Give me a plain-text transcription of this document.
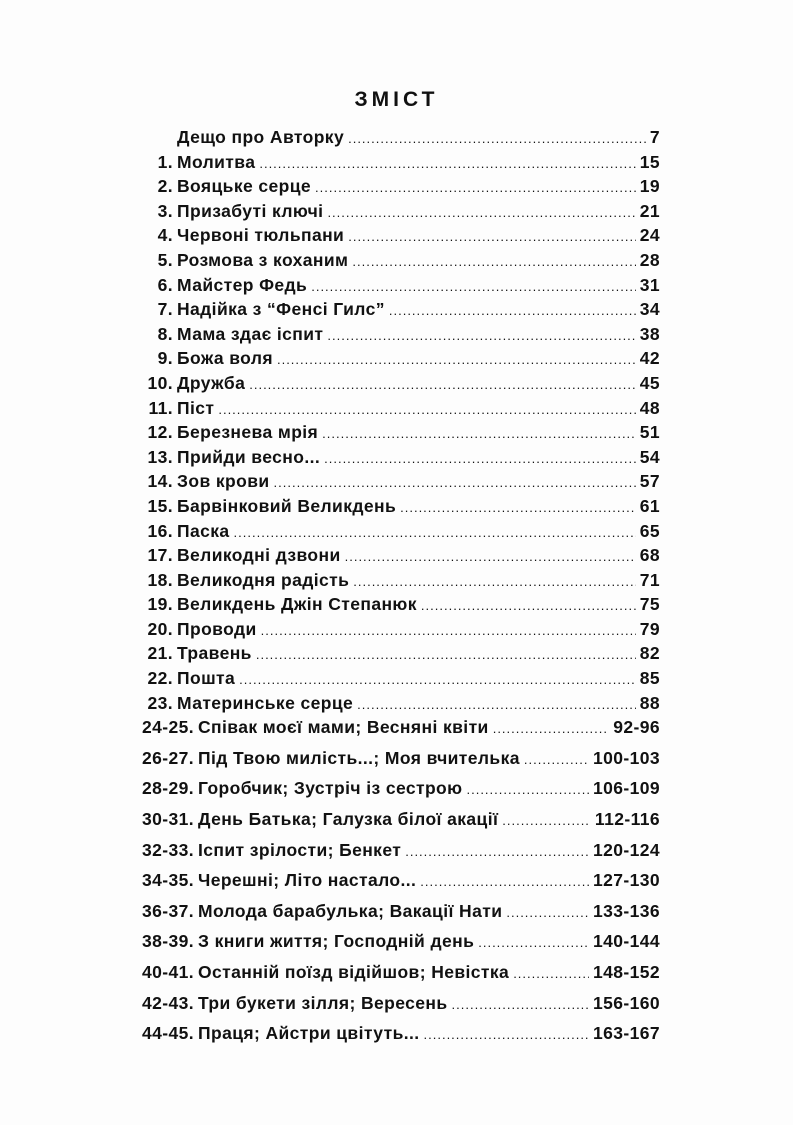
ЗМІСТ
Дещо про Авторку .....	7
1. Молитва .....	15
2. Вояцьке серце .....	19
3. Призабуті ключі .....	21
4. Червоні тюльпани .....	24
5. Розмова з коханим .....	28
6. Майстер Федь .....	31
7. Надійка з “Фенсі Гилс” .....	34
8. Мама здає іспит .....	38
9. Божа воля .....	42
10. Дружба .....	45
11. Піст .....	48
12. Березнева мрія .....	51
13. Прийди весно... .....	54
14. Зов крови .....	57
15. Барвінковий Великдень .....	61
16. Паска .....	65
17. Великодні дзвони .....	68
18. Великодня радість .....	71
19. Великдень Джін Степанюк .....	75
20. Проводи .....	79
21. Травень .....	82
22. Пошта .....	85
23. Материнське серце .....	88
24-25. Співак моєї мами; Весняні квіти .....	92-96
26-27. Під Твою милість...; Моя вчителька .....	100-103
28-29. Горобчик; Зустріч із сестрою .....	106-109
30-31. День Батька; Галузка білої акації .....	112-116
32-33. Іспит зрілости; Бенкет .....	120-124
34-35. Черешні; Літо настало... .....	127-130
36-37. Молода барабулька; Вакації Нати .....	133-136
38-39. З книги життя; Господній день .....	140-144
40-41. Останній поїзд відійшов; Невістка .....	148-152
42-43. Три букети зілля; Вересень .....	156-160
44-45. Праця; Айстри цвітуть... .....	163-167
